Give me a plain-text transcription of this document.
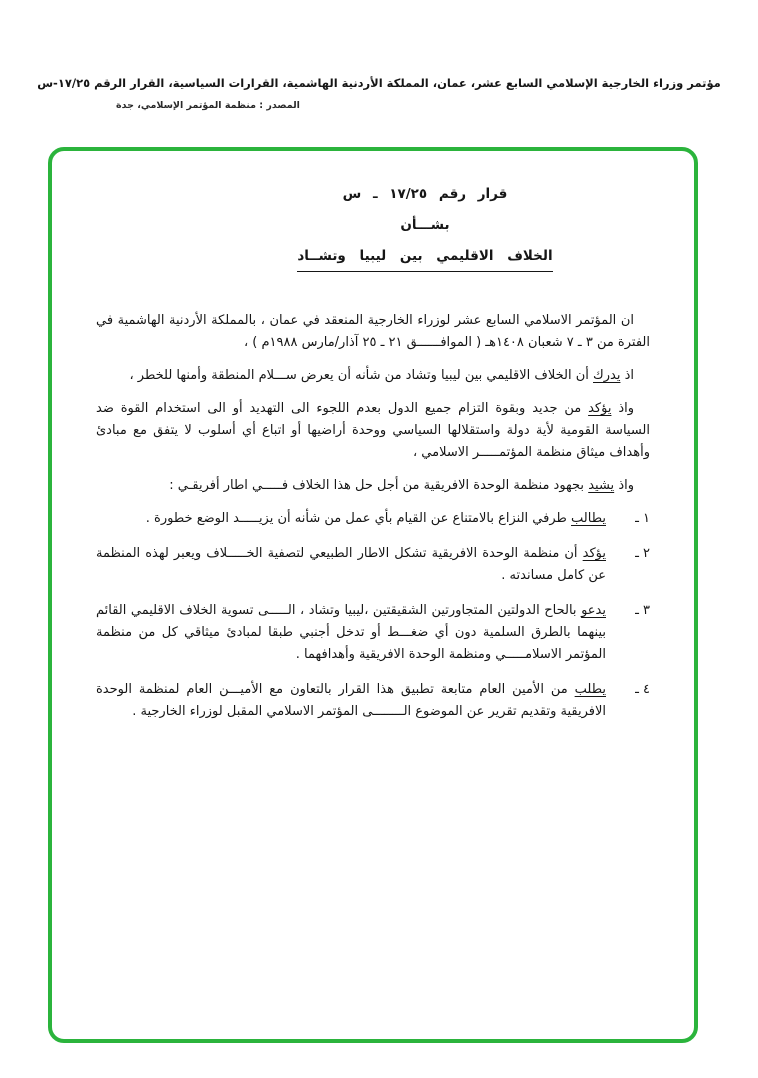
مؤتمر وزراء الخارجية الإسلامي السابع عشر، عمان، المملكة الأردنية الهاشمية، القرارات السياسية، القرار الرقم ١٧/٢٥-س
المصدر : منظمة المؤتمر الإسلامي، جدة
قرار رقم ١٧/٢٥ ـ س
بشـــأن
الخلاف الاقليمي بين ليبيا وتشــاد

ان المؤتمر الاسلامي السابع عشر لوزراء الخارجية المنعقد في عمان ، بالمملكة الأردنية الهاشمية في الفترة من ٣ ـ ٧ شعبان ١٤٠٨هـ ( الموافــــــق ٢١ ـ ٢٥ آذار/مارس ١٩٨٨م ) ،

اذ يدرك أن الخلاف الاقليمي بين ليبيا وتشاد من شأنه أن يعرض ســـلام المنطقة وأمنها للخطر ،

واذ يؤكد من جديد وبقوة التزام جميع الدول بعدم اللجوء الى التهديد أو الى استخدام القوة ضد السياسة القومية لأية دولة واستقلالها السياسي ووحدة أراضيها أو اتباع أي أسلوب لا يتفق مع مبادئ وأهداف ميثاق منظمة المؤتمـــــر الاسلامي ،

واذ يشيد بجهود منظمة الوحدة الافريقية من أجل حل هذا الخلاف فـــــي اطار أفريقـي :

١ ـ
يطالب طرفي النزاع بالامتناع عن القيام بأي عمل من شأنه أن يزيـــــد الوضع خطورة .
٢ ـ
يؤكد أن منظمة الوحدة الافريقية تشكل الاطار الطبيعي لتصفية الخـــــلاف ويعبر لهذه المنظمة عن كامل مساندته .
٣ ـ
يدعو بالحاح الدولتين المتجاورتين الشقيقتين ،ليبيا وتشاد ، الـــــى تسوية الخلاف الاقليمي القائم بينهما بالطرق السلمية دون أي ضغـــط أو تدخل أجنبي طبقا لمبادئ ميثاقي كل من منظمة المؤتمر الاسلامـــــي ومنظمة الوحدة الافريقية وأهدافهما .
٤ ـ
يطلب من الأمين العام متابعة تطبيق هذا القرار بالتعاون مع الأميـــن العام لمنظمة الوحدة الافريقية وتقديم تقرير عن الموضوع الــــــــى المؤتمر الاسلامي المقبل لوزراء الخارجية .
